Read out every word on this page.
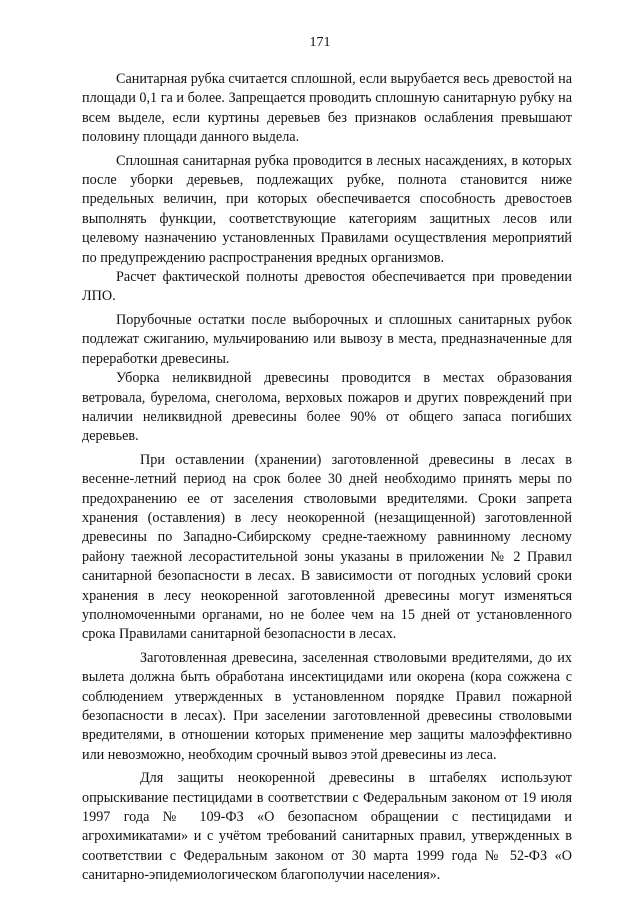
171

Санитарная рубка считается сплошной, если вырубается весь древостой на площади 0,1 га и более. Запрещается проводить сплошную санитарную рубку на всем выделе, если куртины деревьев без признаков ослабления превышают половину площади данного выдела.

Сплошная санитарная рубка проводится в лесных насаждениях, в которых после уборки деревьев, подлежащих рубке, полнота становится ниже предельных величин, при которых обеспечивается способность древостоев выполнять функции, соответствующие категориям защитных лесов или целевому назначению установленных Правилами осуществления мероприятий по предупреждению распространения вредных организмов.

Расчет фактической полноты древостоя обеспечивается при проведении ЛПО.

Порубочные остатки после выборочных и сплошных санитарных рубок подлежат сжиганию, мульчированию или вывозу в места, предназначенные для переработки древесины.

Уборка неликвидной древесины проводится в местах образования ветровала, бурелома, снеголома, верховых пожаров и других повреждений при наличии неликвидной древесины более 90% от общего запаса погибших деревьев.

При оставлении (хранении) заготовленной древесины в лесах в весенне-летний период на срок более 30 дней необходимо принять меры по предохранению ее от заселения стволовыми вредителями. Сроки запрета хранения (оставления) в лесу неокоренной (незащищенной) заготовленной древесины по Западно-Сибирскому средне-таежному равнинному лесному району таежной лесорастительной зоны указаны в приложении № 2 Правил санитарной безопасности в лесах. В зависимости от погодных условий сроки хранения в лесу неокоренной заготовленной древесины могут изменяться уполномоченными органами, но не более чем на 15 дней от установленного срока Правилами санитарной безопасности в лесах.

Заготовленная древесина, заселенная стволовыми вредителями, до их вылета должна быть обработана инсектицидами или окорена (кора сожжена с соблюдением утвержденных в установленном порядке Правил пожарной безопасности в лесах). При заселении заготовленной древесины стволовыми вредителями, в отношении которых применение мер защиты малоэффективно или невозможно, необходим срочный вывоз этой древесины из леса.

Для защиты неокоренной древесины в штабелях используют опрыскивание пестицидами в соответствии с Федеральным законом от 19 июля 1997 года № 109-ФЗ «О безопасном обращении с пестицидами и агрохимикатами» и с учётом требований санитарных правил, утвержденных в соответствии с Федеральным законом от 30 марта 1999 года № 52-ФЗ «О санитарно-эпидемиологическом благополучии населения».
